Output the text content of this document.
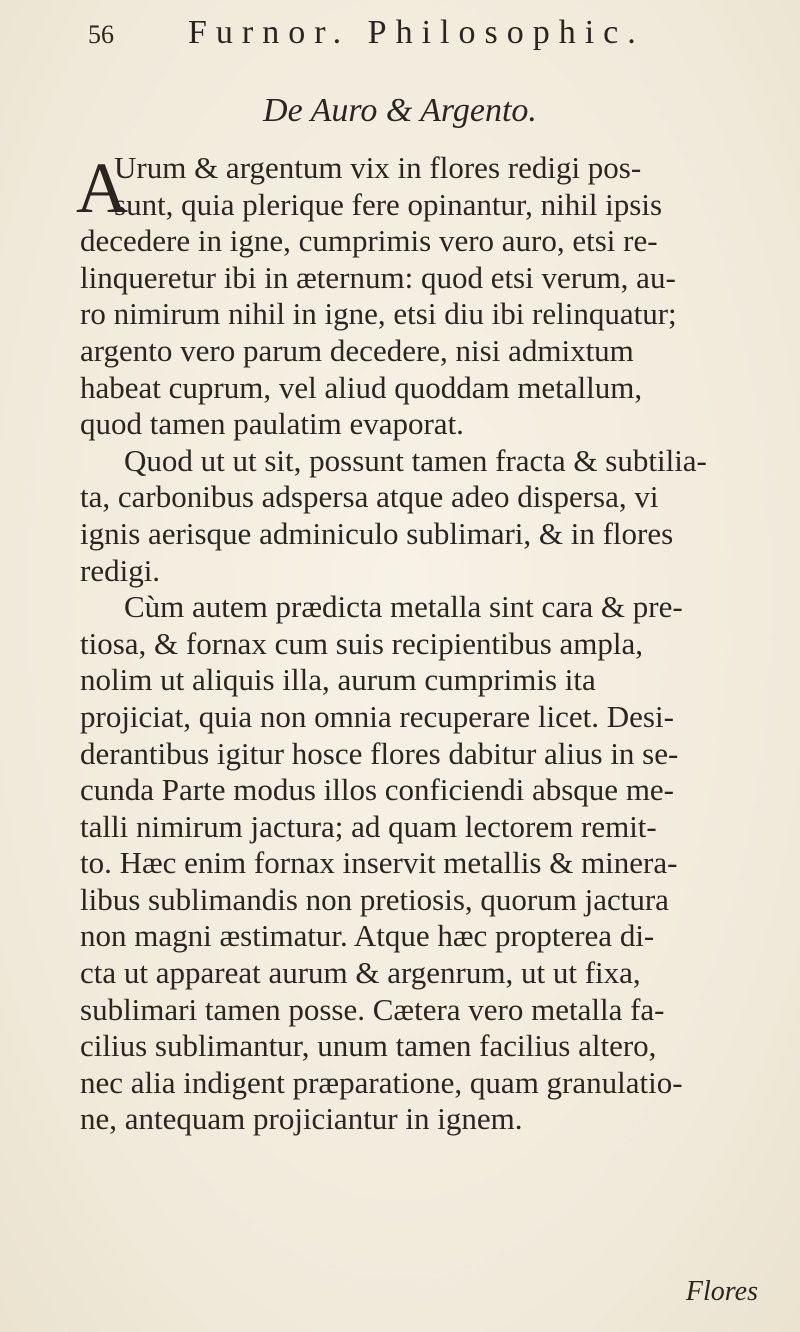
56 Furnor. Philosophic.
De Auro & Argento.
A
Urum & argentum vix in flores redigi pos-
sunt, quia plerique fere opinantur, nihil ipsis
decedere in igne, cumprimis vero auro, etsi re-
linqueretur ibi in æternum: quod etsi verum, au-
ro nimirum nihil in igne, etsi diu ibi relinquatur;
argento vero parum decedere, nisi admixtum
habeat cuprum, vel aliud quoddam metallum,
quod tamen paulatim evaporat.
Quod ut ut sit, possunt tamen fracta & subtilia-
ta, carbonibus adspersa atque adeo dispersa, vi
ignis aerisque adminiculo sublimari, & in flores
redigi.
Cùm autem prædicta metalla sint cara & pre-
tiosa, & fornax cum suis recipientibus ampla,
nolim ut aliquis illa, aurum cumprimis ita
projiciat, quia non omnia recuperare licet. Desi-
derantibus igitur hosce flores dabitur alius in se-
cunda Parte modus illos conficiendi absque me-
talli nimirum jactura; ad quam lectorem remit-
to. Hæc enim fornax inservit metallis & minera-
libus sublimandis non pretiosis, quorum jactura
non magni æstimatur. Atque hæc propterea di-
cta ut appareat aurum & argenrum, ut ut fixa,
sublimari tamen posse. Cætera vero metalla fa-
cilius sublimantur, unum tamen facilius altero,
nec alia indigent præparatione, quam granulatio-
ne, antequam projiciantur in ignem.
Flores
